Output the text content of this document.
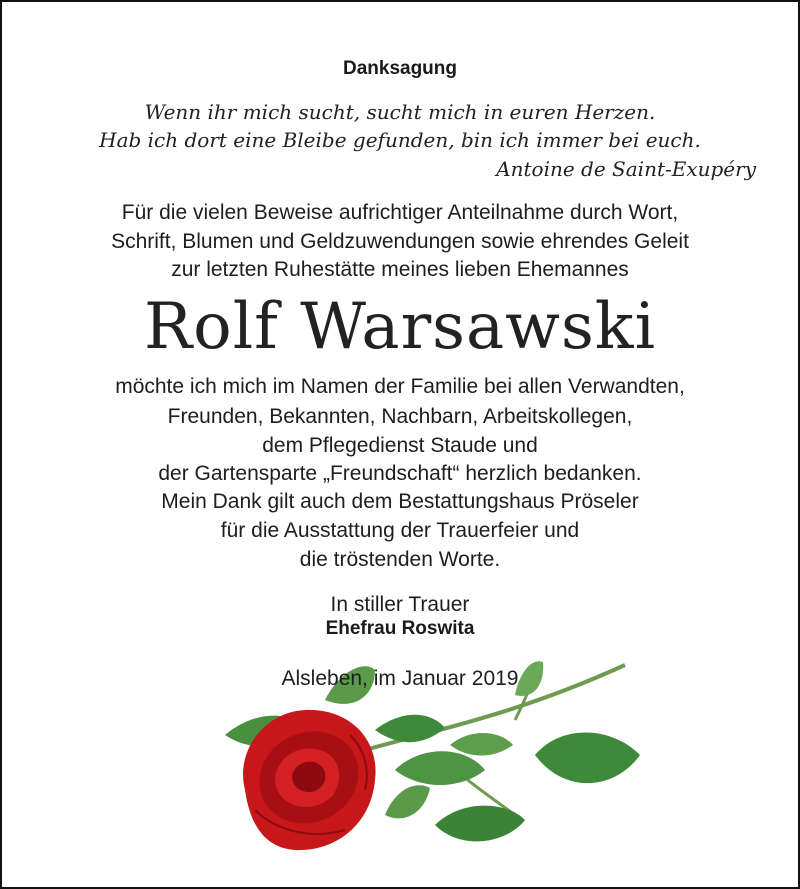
Danksagung
Wenn ihr mich sucht, sucht mich in euren Herzen.
Hab ich dort eine Bleibe gefunden, bin ich immer bei euch.
Antoine de Saint-Exupéry
Für die vielen Beweise aufrichtiger Anteilnahme durch Wort,
Schrift, Blumen und Geldzuwendungen sowie ehrendes Geleit
zur letzten Ruhestätte meines lieben Ehemannes
Rolf Warsawski
möchte ich mich im Namen der Familie bei allen Verwandten,
Freunden, Bekannten, Nachbarn, Arbeitskollegen,
dem Pflegedienst Staude und
der Gartensparte „Freundschaft“ herzlich bedanken.
Mein Dank gilt auch dem Bestattungshaus Pröseler
für die Ausstattung der Trauerfeier und
die tröstenden Worte.
In stiller Trauer
Ehefrau Roswita
Alsleben, im Januar 2019
